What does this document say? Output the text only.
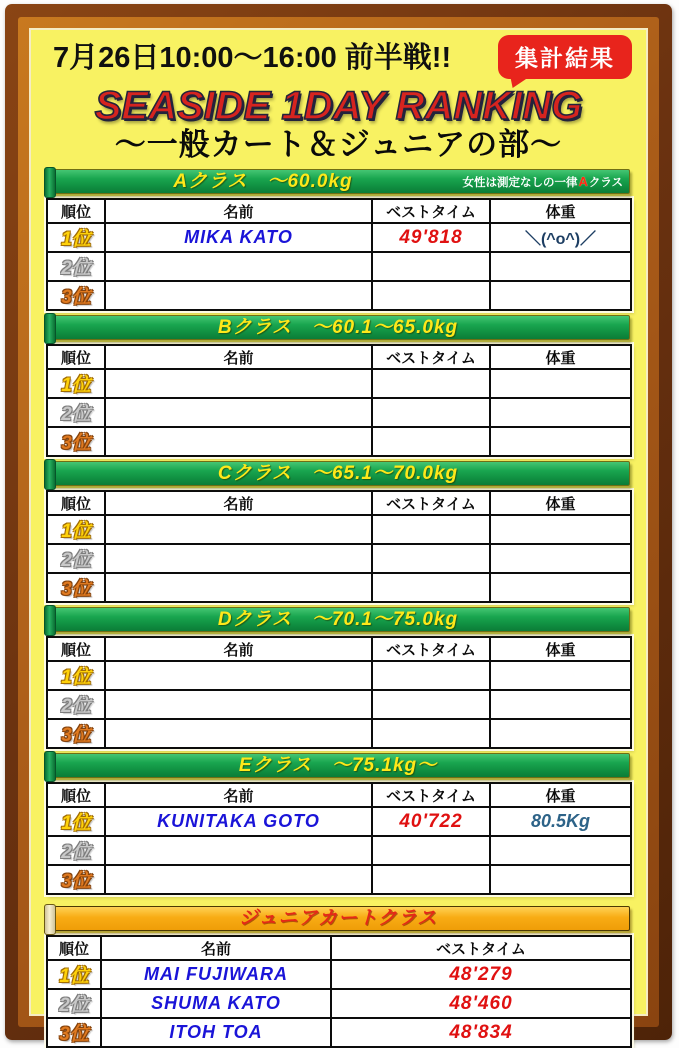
7月26日10:00～16:00 前半戦!!	集計結果
SEASIDE 1DAY RANKING
～一般カート＆ジュニアの部～
Aクラス　～60.0kg	女性は測定なしの一律Aクラス
順位	名前	ベストタイム	体重
1位	MIKA KATO	49'818	＼(^o^)／
2位			
3位			
Bクラス　～60.1～65.0kg
順位	名前	ベストタイム	体重
1位			
2位			
3位			
Cクラス　～65.1～70.0kg
順位	名前	ベストタイム	体重
1位			
2位			
3位			
Dクラス　～70.1～75.0kg
順位	名前	ベストタイム	体重
1位			
2位			
3位			
Eクラス　～75.1kg～
順位	名前	ベストタイム	体重
1位	KUNITAKA GOTO	40'722	80.5Kg
2位			
3位			
ジュニアカートクラス
順位	名前	ベストタイム
1位	MAI FUJIWARA	48'279
2位	SHUMA KATO	48'460
3位	ITOH TOA	48'834
